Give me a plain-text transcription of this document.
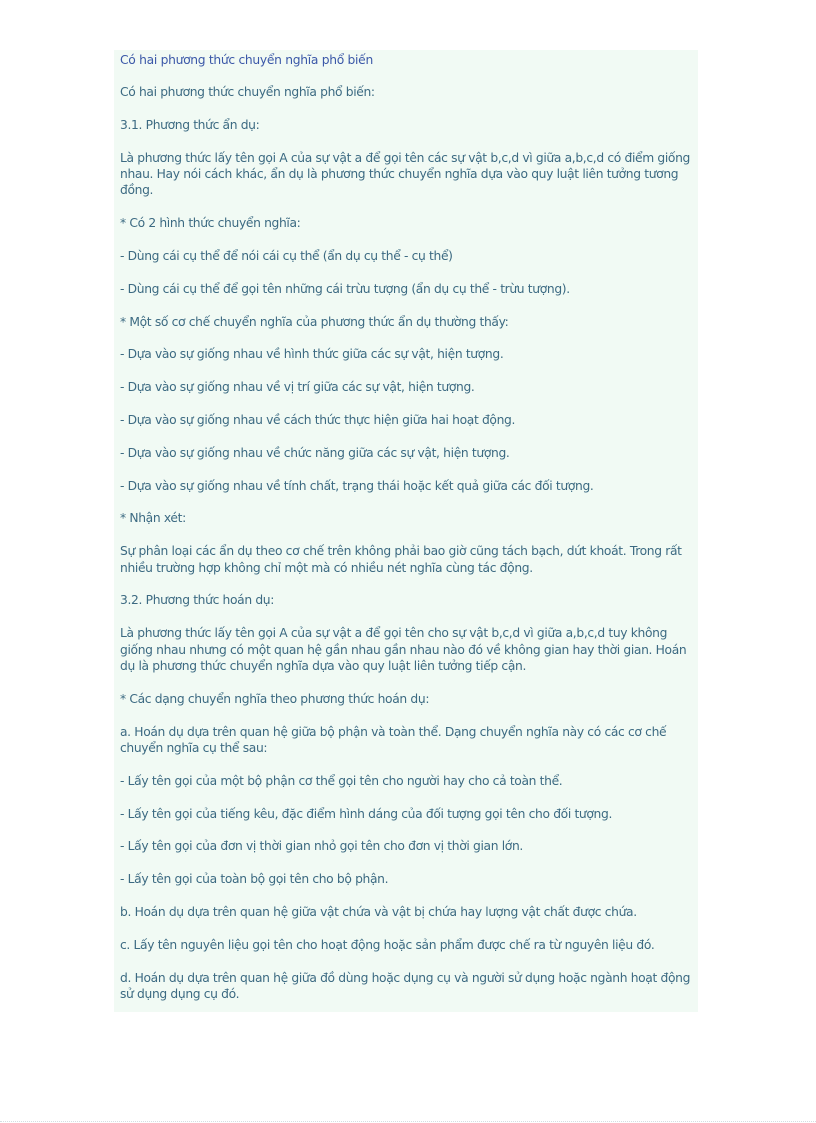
Có hai phương thức chuyển nghĩa phổ biến

Có hai phương thức chuyển nghĩa phổ biến:

3.1. Phương thức ẩn dụ:

Là phương thức lấy tên gọi A của sự vật a để gọi tên các sự vật b,c,d vì giữa a,b,c,d có điểm giống nhau. Hay nói cách khác, ẩn dụ là phương thức chuyển nghĩa dựa vào quy luật liên tưởng tương đồng.

* Có 2 hình thức chuyển nghĩa:

- Dùng cái cụ thể để nói cái cụ thể (ẩn dụ cụ thể - cụ thể)

- Dùng cái cụ thể để gọi tên những cái trừu tượng (ẩn dụ cụ thể - trừu tượng).

* Một số cơ chế chuyển nghĩa của phương thức ẩn dụ thường thấy:

- Dựa vào sự giống nhau về hình thức giữa các sự vật, hiện tượng.

- Dựa vào sự giống nhau về vị trí giữa các sự vật, hiện tượng.

- Dựa vào sự giống nhau về cách thức thực hiện giữa hai hoạt động.

- Dựa vào sự giống nhau về chức năng giữa các sự vật, hiện tượng.

- Dựa vào sự giống nhau về tính chất, trạng thái hoặc kết quả giữa các đối tượng.

* Nhận xét:

Sự phân loại các ẩn dụ theo cơ chế trên không phải bao giờ cũng tách bạch, dứt khoát. Trong rất nhiều trường hợp không chỉ một mà có nhiều nét nghĩa cùng tác động.

3.2. Phương thức hoán dụ:

Là phương thức lấy tên gọi A của sự vật a để gọi tên cho sự vật b,c,d vì giữa a,b,c,d tuy không giống nhau nhưng có một quan hệ gần nhau gần nhau nào đó về không gian hay thời gian. Hoán dụ là phương thức chuyển nghĩa dựa vào quy luật liên tưởng tiếp cận.

* Các dạng chuyển nghĩa theo phương thức hoán dụ:

a. Hoán dụ dựa trên quan hệ giữa bộ phận và toàn thể. Dạng chuyển nghĩa này có các cơ chế chuyển nghĩa cụ thể sau:

- Lấy tên gọi của một bộ phận cơ thể gọi tên cho người hay cho cả toàn thể.

- Lấy tên gọi của tiếng kêu, đặc điểm hình dáng của đối tượng gọi tên cho đối tượng.

- Lấy tên gọi của đơn vị thời gian nhỏ gọi tên cho đơn vị thời gian lớn.

- Lấy tên gọi của toàn bộ gọi tên cho bộ phận.

b. Hoán dụ dựa trên quan hệ giữa vật chứa và vật bị chứa hay lượng vật chất được chứa.

c. Lấy tên nguyên liệu gọi tên cho hoạt động hoặc sản phẩm được chế ra từ nguyên liệu đó.

d. Hoán dụ dựa trên quan hệ giữa đồ dùng hoặc dụng cụ và người sử dụng hoặc ngành hoạt động sử dụng dụng cụ đó.
